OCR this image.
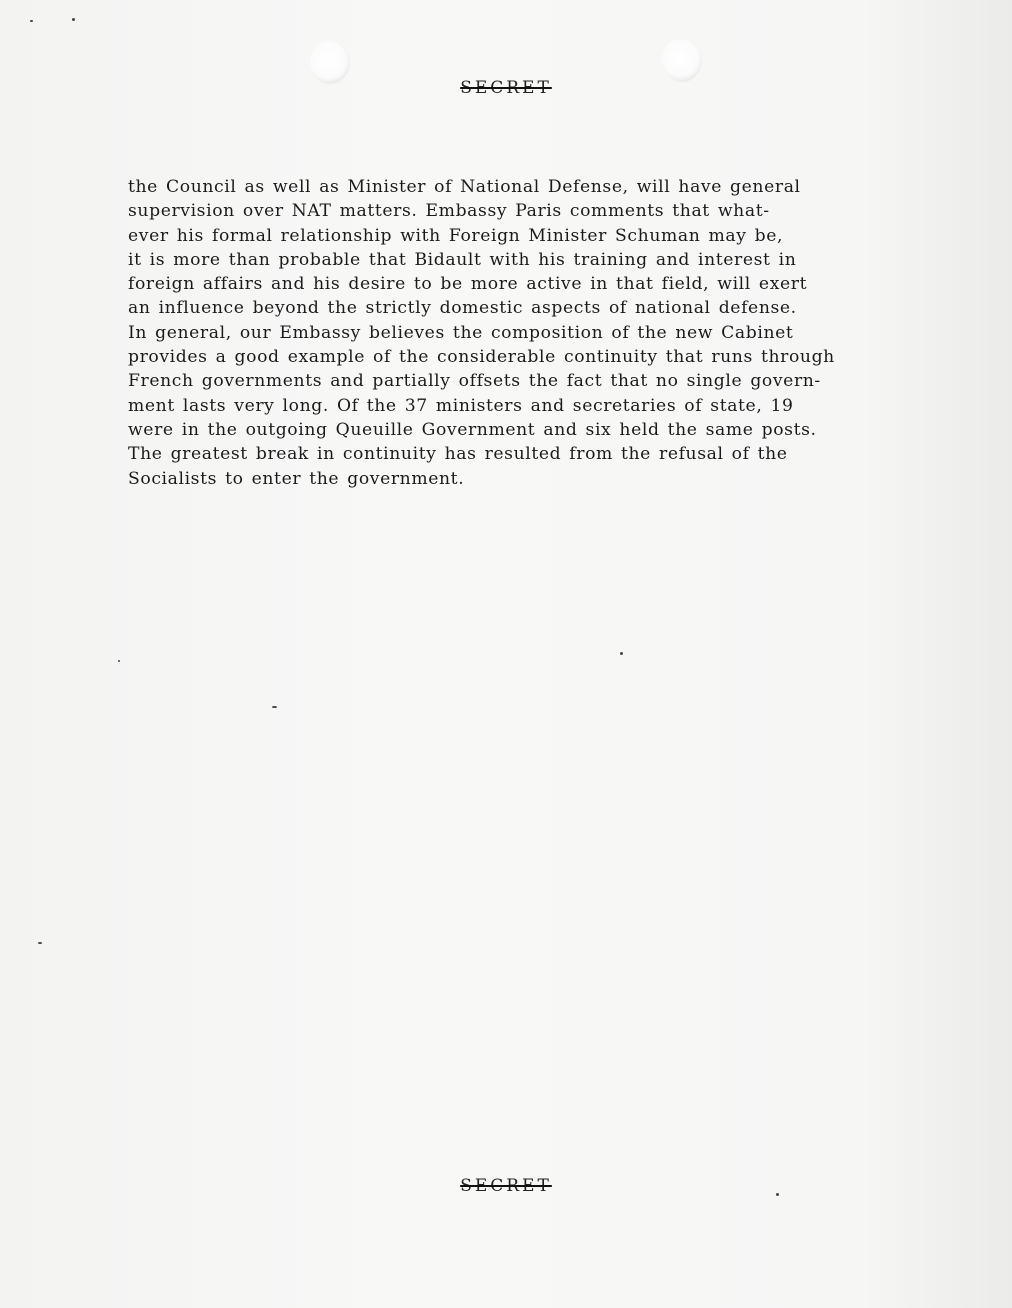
SECRET
the Council as well as Minister of National Defense, will have general
supervision over NAT matters. Embassy Paris comments that what-
ever his formal relationship with Foreign Minister Schuman may be,
it is more than probable that Bidault with his training and interest in
foreign affairs and his desire to be more active in that field, will exert
an influence beyond the strictly domestic aspects of national defense.
In general, our Embassy believes the composition of the new Cabinet
provides a good example of the considerable continuity that runs through
French governments and partially offsets the fact that no single govern-
ment lasts very long. Of the 37 ministers and secretaries of state, 19
were in the outgoing Queuille Government and six held the same posts.
The greatest break in continuity has resulted from the refusal of the
Socialists to enter the government.
SECRET
